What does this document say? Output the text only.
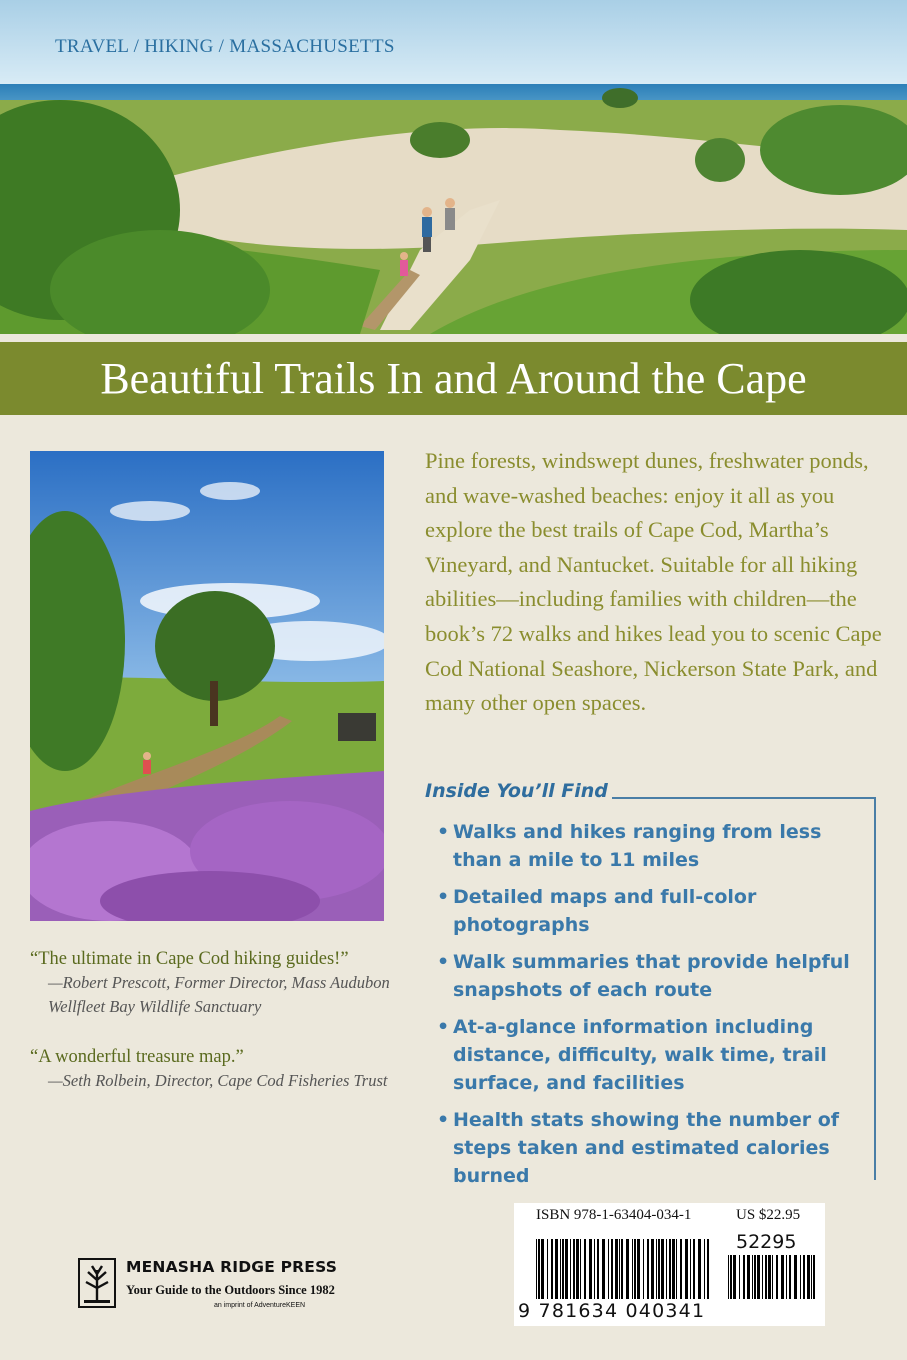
TRAVEL / HIKING / MASSACHUSETTS
Beautiful Trails In and Around the Cape
Pine forests, windswept dunes, freshwater ponds, and wave-washed beaches: enjoy it all as you explore the best trails of Cape Cod, Martha’s Vineyard, and Nantucket. Suitable for all hiking abilities—including families with children—the book’s 72 walks and hikes lead you to scenic Cape Cod National Seashore, Nickerson State Park, and many other open spaces.
“The ultimate in Cape Cod hiking guides!”
—Robert Prescott, Former Director, Mass Audubon Wellfleet Bay Wildlife Sanctuary
“A wonderful treasure map.”
—Seth Rolbein, Director, Cape Cod Fisheries Trust
Inside You’ll Find
• Walks and hikes ranging from less than a mile to 11 miles
• Detailed maps and full-color photographs
• Walk summaries that provide helpful snapshots of each route
• At-a-glance information including distance, difficulty, walk time, trail surface, and facilities
• Health stats showing the number of steps taken and estimated calories burned
ISBN 978-1-63404-034-1	US $22.95
52295
9 781634 040341
MENASHA RIDGE PRESS
Your Guide to the Outdoors Since 1982
an imprint of AdventureKEEN
